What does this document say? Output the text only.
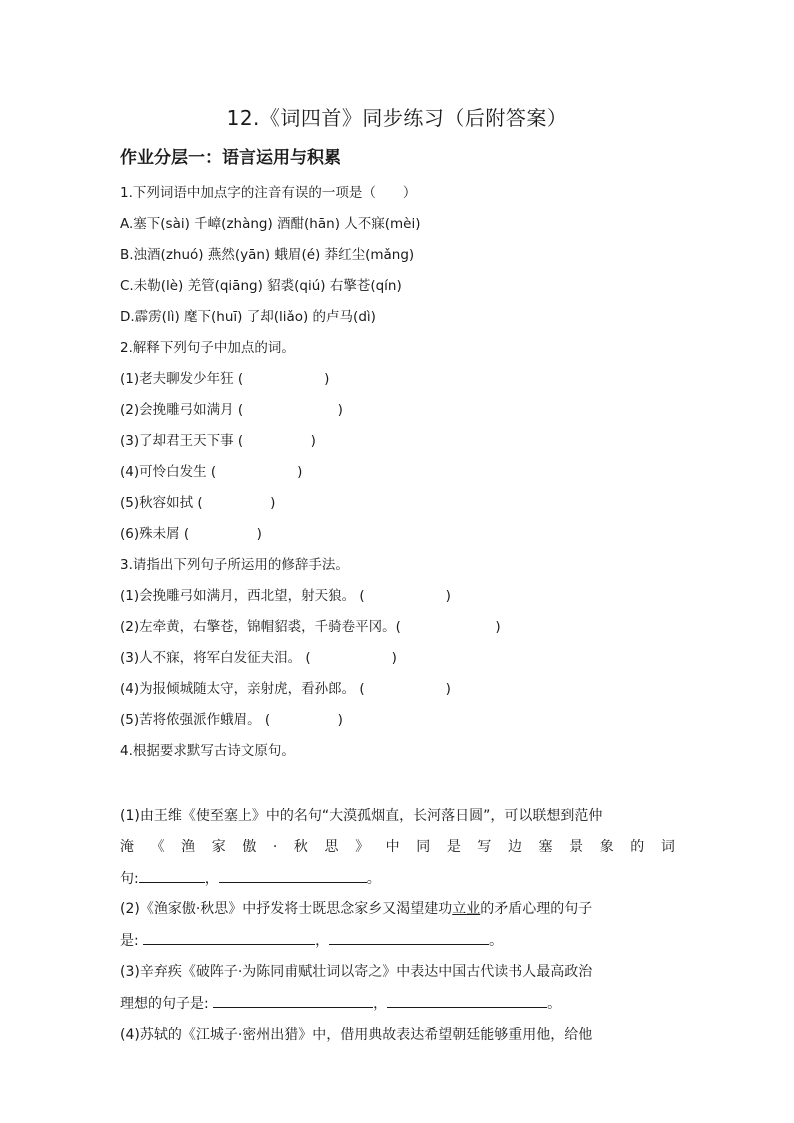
12.《词四首》同步练习（后附答案）
作业分层一：语言运用与积累
1.下列词语中加点字的注音有误的一项是（　　）
A.塞下(sài) 千嶂(zhàng) 酒酣(hān) 人不寐(mèi)
B.浊酒(zhuó) 燕然(yān) 蛾眉(é) 莽红尘(mǎng)
C.未勒(lè) 羌管(qiāng) 貂裘(qiú) 右擎苍(qín)
D.霹雳(lì) 麾下(huī) 了却(liǎo) 的卢马(dì)
2.解释下列句子中加点的词。
(1)老夫聊发少年狂 (　　　　　　)
(2)会挽雕弓如满月 (　　　　　　　)
(3)了却君王天下事 (　　　　　)
(4)可怜白发生 (　　　　　　)
(5)秋容如拭 (　　　　　)
(6)殊未屑 (　　　　　)
3.请指出下列句子所运用的修辞手法。
(1)会挽雕弓如满月，西北望，射天狼。 (　　　　　　)
(2)左牵黄，右擎苍，锦帽貂裘，千骑卷平冈。(　　　　　　　)
(3)人不寐，将军白发征夫泪。 (　　　　　　)
(4)为报倾城随太守，亲射虎，看孙郎。 (　　　　　　)
(5)苦将侬强派作蛾眉。 (　　　　　)
4.根据要求默写古诗文原句。
(1)由王维《使至塞上》中的名句“大漠孤烟直，长河落日圆”，可以联想到范仲
淹 《 渔 家 傲 · 秋 思 》 中 同 是 写 边 塞 景 象 的 词
句:	，	。
(2)《渔家傲·秋思》中抒发将士既思念家乡又渴望建功立业的矛盾心理的句子
是:	，	。
(3)辛弃疾《破阵子·为陈同甫赋壮词以寄之》中表达中国古代读书人最高政治
理想的句子是:	，	。
(4)苏轼的《江城子·密州出猎》中，借用典故表达希望朝廷能够重用他，给他
